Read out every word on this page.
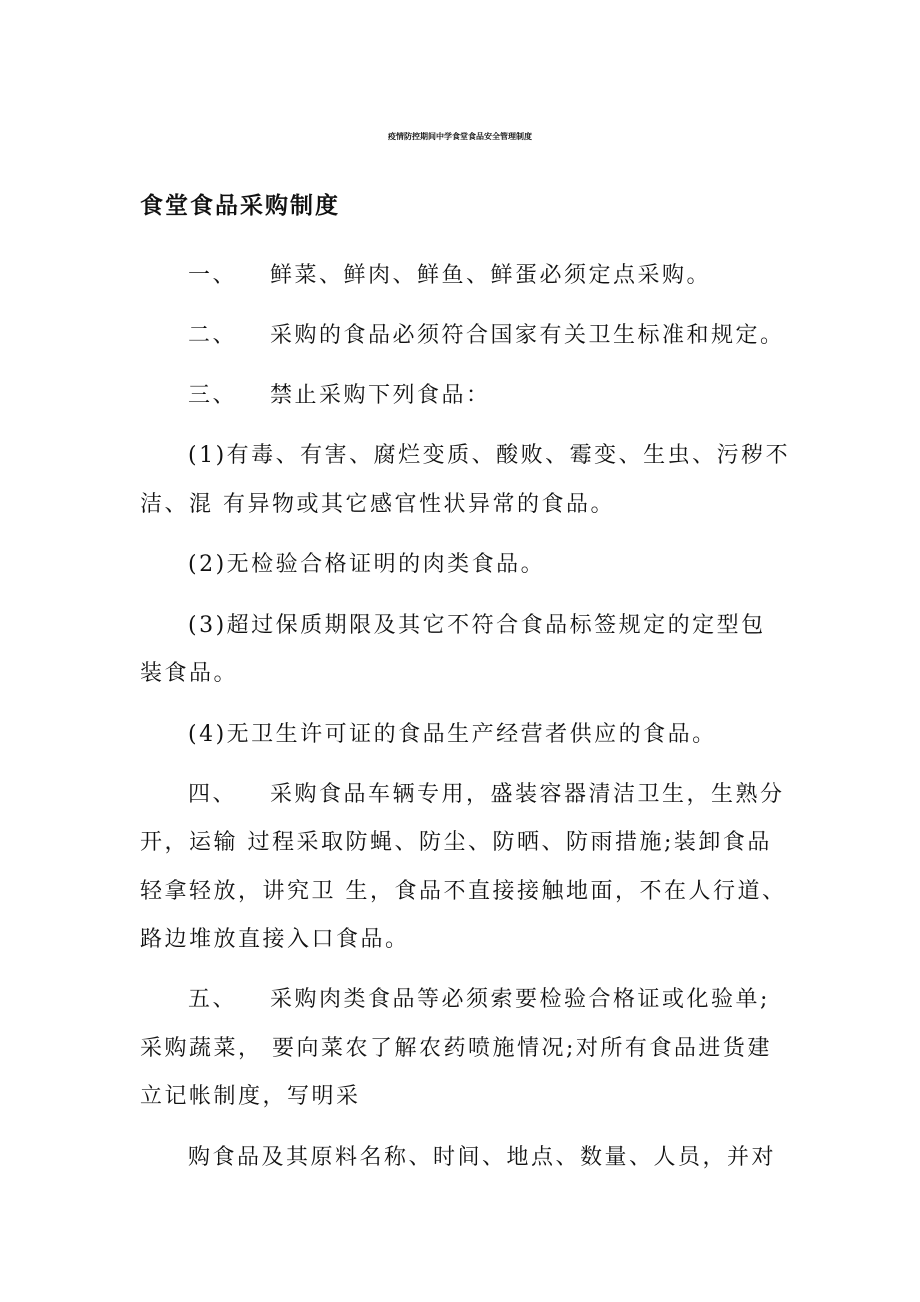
疫情防控期间中学食堂食品安全管理制度
食堂食品采购制度
一、 鲜菜、鲜肉、鲜鱼、鲜蛋必须定点采购。
二、 采购的食品必须符合国家有关卫生标准和规定。
三、 禁止采购下列食品：
(1)有毒、有害、腐烂变质、酸败、霉变、生虫、污秽不
洁、混 有异物或其它感官性状异常的食品。
(2)无检验合格证明的肉类食品。
(3)超过保质期限及其它不符合食品标签规定的定型包
装食品。
(4)无卫生许可证的食品生产经营者供应的食品。
四、 采购食品车辆专用，盛装容器清洁卫生，生熟分
开，运输 过程采取防蝇、防尘、防晒、防雨措施;装卸食品
轻拿轻放，讲究卫 生，食品不直接接触地面，不在人行道、
路边堆放直接入口食品。
五、 采购肉类食品等必须索要检验合格证或化验单;
采购蔬菜， 要向菜农了解农药喷施情况;对所有食品进货建
立记帐制度，写明采
购食品及其原料名称、时间、地点、数量、人员，并对
